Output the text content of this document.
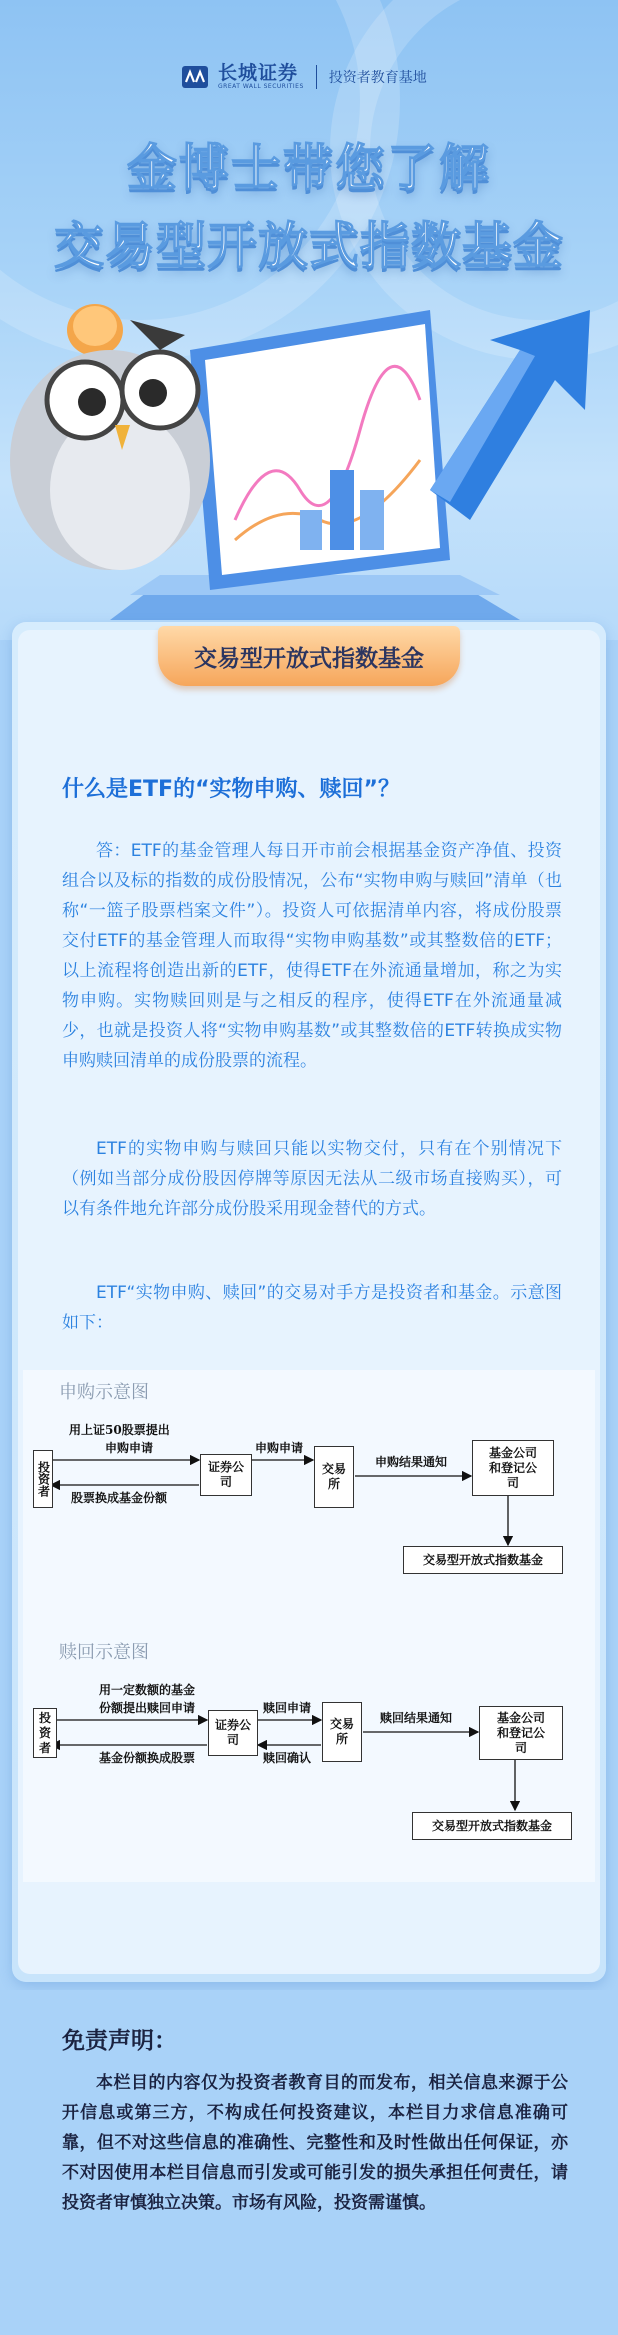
长城证券
GREAT WALL SECURITIES
投资者教育基地
金博士带您了解
交易型开放式指数基金
交易型开放式指数基金
什么是ETF的“实物申购、赎回”？
答：ETF的基金管理人每日开市前会根据基金资产净值、投资组合以及标的指数的成份股情况，公布“实物申购与赎回”清单（也称“一篮子股票档案文件”）。投资人可依据清单内容，将成份股票交付ETF的基金管理人而取得“实物申购基数”或其整数倍的ETF；以上流程将创造出新的ETF，使得ETF在外流通量增加，称之为实物申购。实物赎回则是与之相反的程序，使得ETF在外流通量减少，也就是投资人将“实物申购基数”或其整数倍的ETF转换成实物申购赎回清单的成份股票的流程。
ETF的实物申购与赎回只能以实物交付，只有在个别情况下（例如当部分成份股因停牌等原因无法从二级市场直接购买），可以有条件地允许部分成份股采用现金替代的方式。
ETF“实物申购、赎回”的交易对手方是投资者和基金。示意图如下：
申购示意图
投资者	证券公司
交易所
基金公司和登记公司
交易型开放式指数基金
用上证50股票提出
申购申请
股票换成基金份额
申购申请
申购结果通知
赎回示意图
投资者
证券公司
交易所
基金公司和登记公司
交易型开放式指数基金
用一定数额的基金
份额提出赎回申请
基金份额换成股票
赎回申请
赎回确认
赎回结果通知
免责声明：
本栏目的内容仅为投资者教育目的而发布，相关信息来源于公开信息或第三方，不构成任何投资建议，本栏目力求信息准确可靠，但不对这些信息的准确性、完整性和及时性做出任何保证，亦不对因使用本栏目信息而引发或可能引发的损失承担任何责任，请投资者审慎独立决策。市场有风险，投资需谨慎。
